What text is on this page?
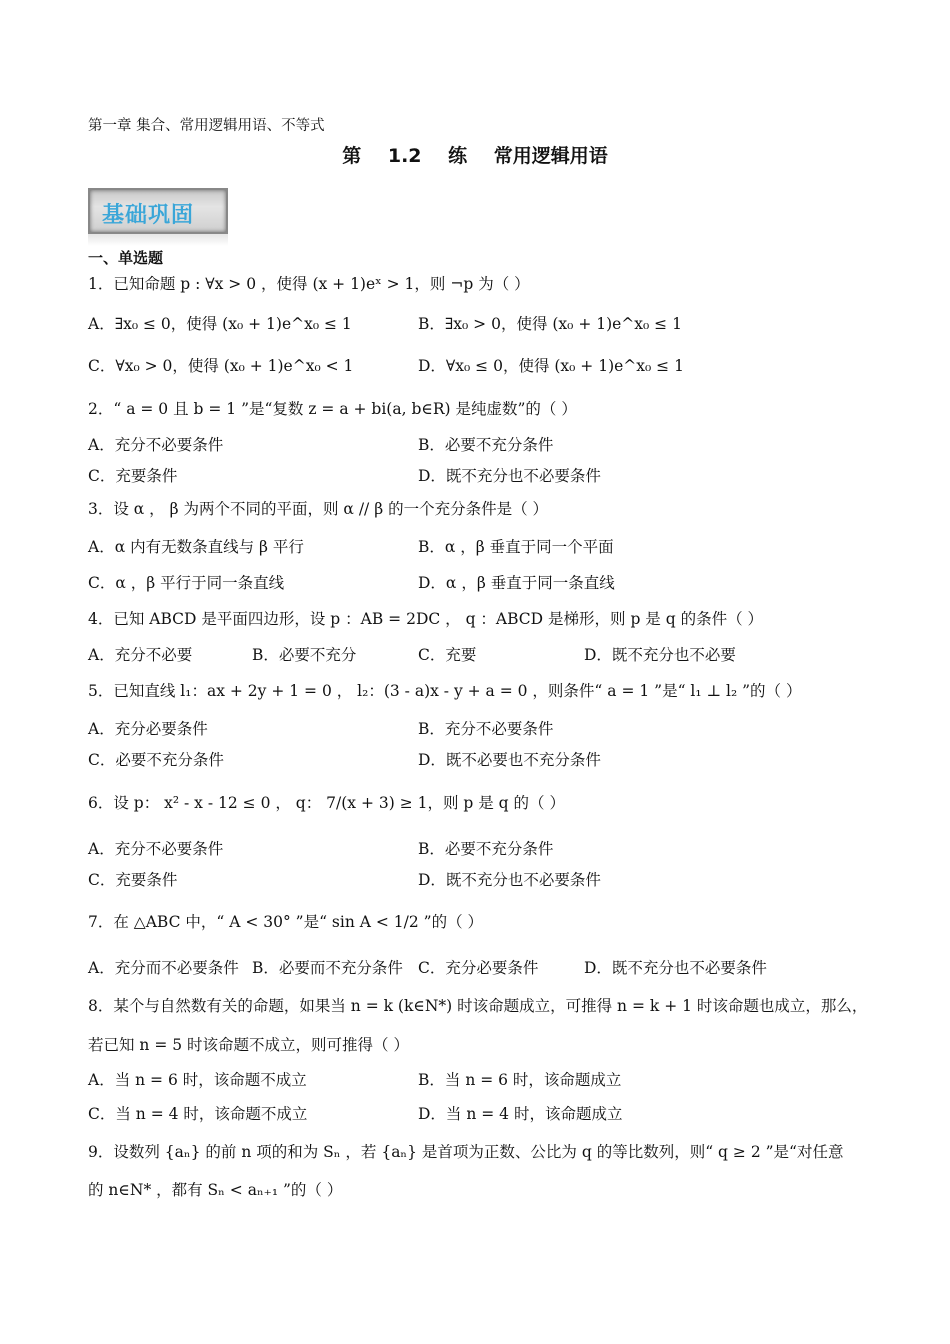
第一章 集合、常用逻辑用语、不等式
第 1.2 练 常用逻辑用语
基础巩固
一、单选题
1．已知命题 p : ∀x > 0 ，使得 (x + 1)eˣ > 1，则 ¬p 为（ ）
A．∃x₀ ≤ 0，使得 (x₀ + 1)e^x₀ ≤ 1	B．∃x₀ > 0，使得 (x₀ + 1)e^x₀ ≤ 1
C．∀x₀ > 0，使得 (x₀ + 1)e^x₀ < 1	D．∀x₀ ≤ 0，使得 (x₀ + 1)e^x₀ ≤ 1
2．“ a = 0 且 b = 1 ”是“复数 z = a + bi(a, b∈R) 是纯虚数”的（ ）
A．充分不必要条件	B．必要不充分条件
C．充要条件	D．既不充分也不必要条件
3．设 α ， β 为两个不同的平面，则 α // β 的一个充分条件是（ ）
A．α 内有无数条直线与 β 平行	B．α ，β 垂直于同一个平面
C．α ，β 平行于同一条直线	D．α ，β 垂直于同一条直线
4．已知 ABCD 是平面四边形，设 p ：AB = 2DC ， q ：ABCD 是梯形，则 p 是 q 的条件（ ）
A．充分不必要	B．必要不充分	C．充要	D．既不充分也不必要
5．已知直线 l₁：ax + 2y + 1 = 0 ， l₂：(3 - a)x - y + a = 0 ，则条件“ a = 1 ”是“ l₁ ⊥ l₂ ”的（ ）
A．充分必要条件	B．充分不必要条件
C．必要不充分条件	D．既不必要也不充分条件
6．设 p： x² - x - 12 ≤ 0 ， q： 7/(x + 3) ≥ 1，则 p 是 q 的（ ）
A．充分不必要条件	B．必要不充分条件
C．充要条件	D．既不充分也不必要条件
7．在 △ABC 中，“ A < 30° ”是“ sin A < 1/2 ”的（ ）
A．充分而不必要条件 B．必要而不充分条件 C．充分必要条件	D．既不充分也不必要条件
8．某个与自然数有关的命题，如果当 n = k (k∈N*) 时该命题成立，可推得 n = k + 1 时该命题也成立，那么，
若已知 n = 5 时该命题不成立，则可推得（ ）
A．当 n = 6 时，该命题不成立	B．当 n = 6 时，该命题成立
C．当 n = 4 时，该命题不成立	D．当 n = 4 时，该命题成立
9．设数列 {aₙ} 的前 n 项的和为 Sₙ ，若 {aₙ} 是首项为正数、公比为 q 的等比数列，则“ q ≥ 2 ”是“对任意
的 n∈N* ，都有 Sₙ < aₙ₊₁ ”的（ ）
